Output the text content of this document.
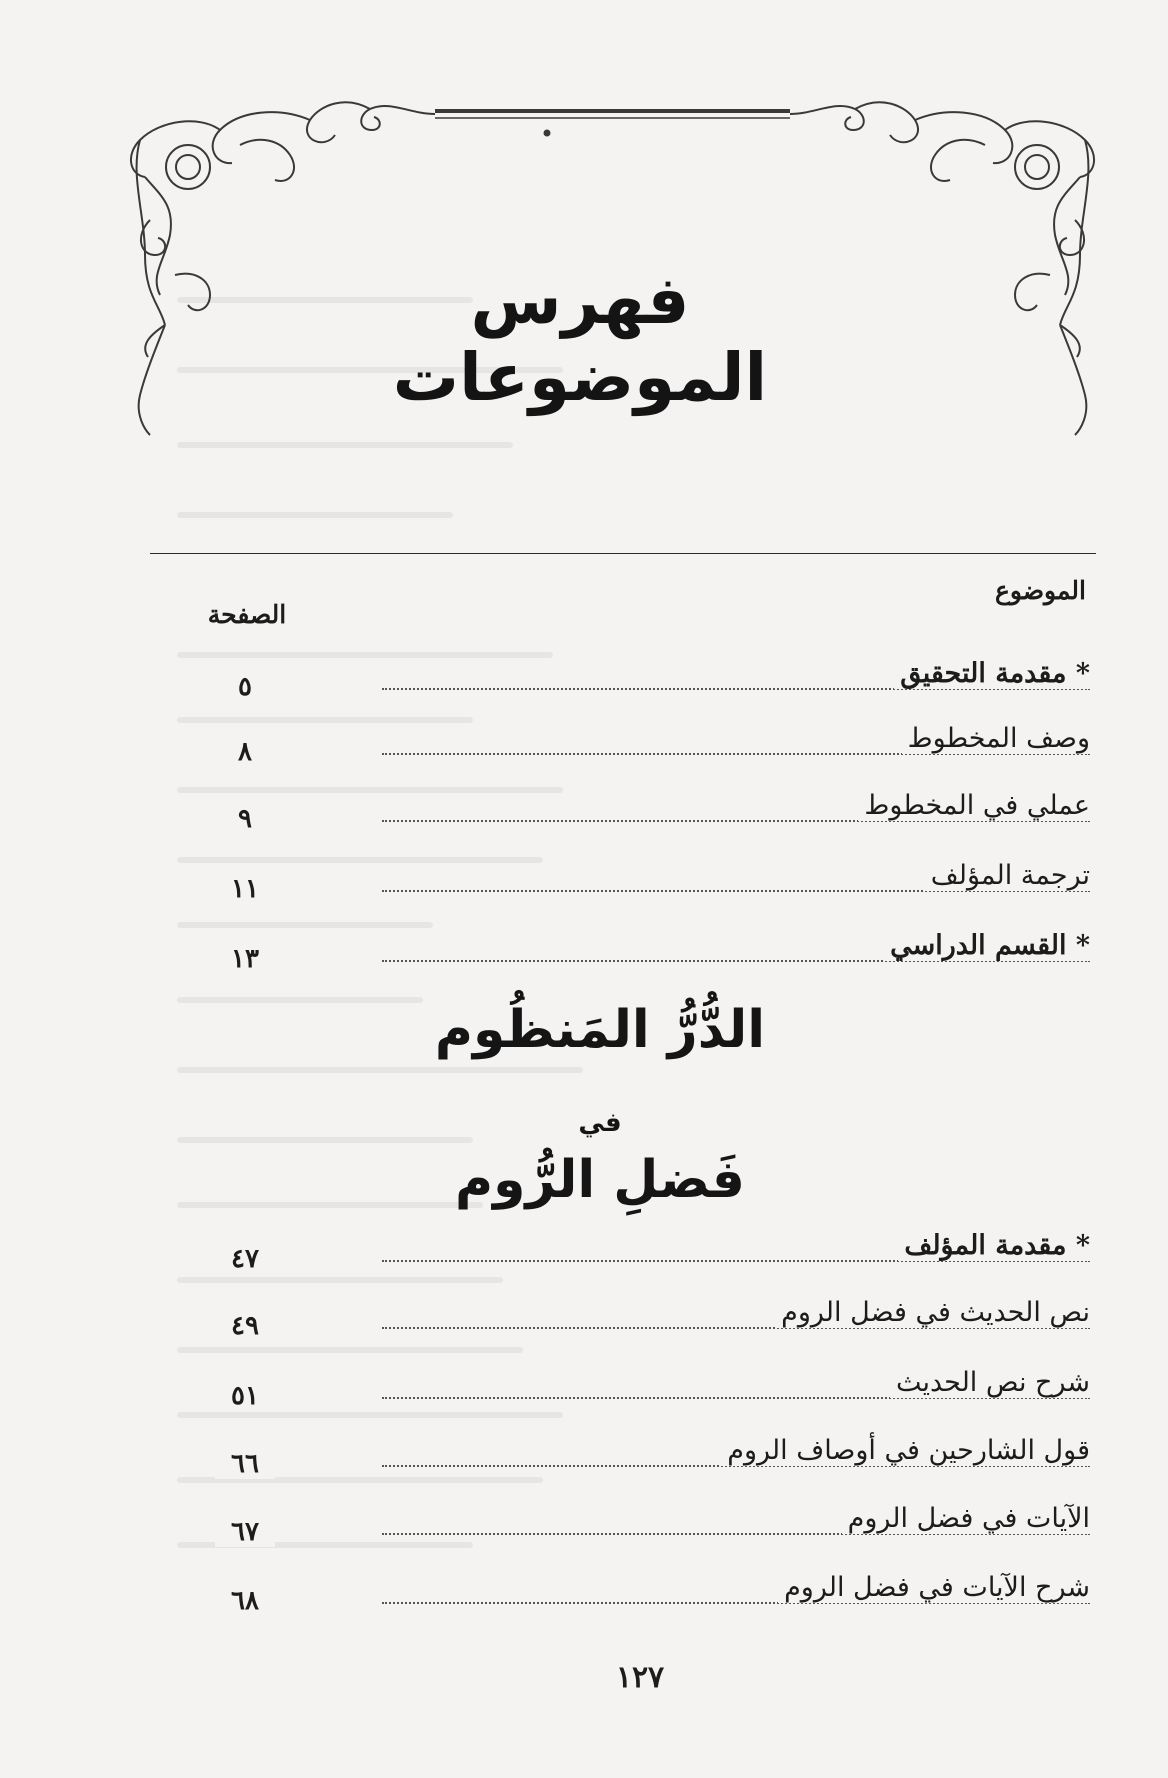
فهرس الموضوعات
الموضوع
الصفحة
* مقدمة التحقيق
٥
وصف المخطوط
٨
عملي في المخطوط
٩
ترجمة المؤلف
١١
* القسم الدراسي
١٣
الدُّرُّ المَنظُوم
في
فَضلِ الرُّوم
* مقدمة المؤلف
٤٧
نص الحديث في فضل الروم
٤٩
شرح نص الحديث
٥١
قول الشارحين في أوصاف الروم
٦٦
الآيات في فضل الروم
٦٧
شرح الآيات في فضل الروم
٦٨
١٢٧
